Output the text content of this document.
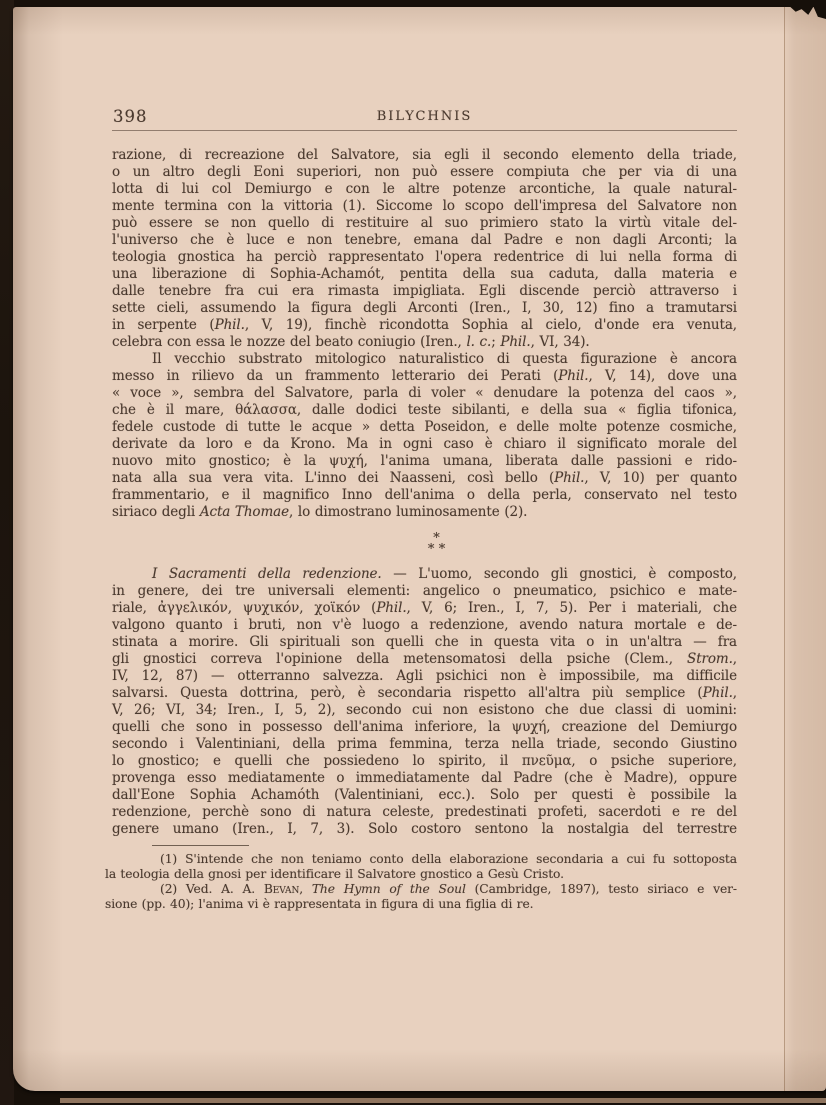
398	BILYCHNIS
razione, di recreazione del Salvatore, sia egli il secondo elemento della triade,
o un altro degli Eoni superiori, non può essere compiuta che per via di una
lotta di lui col Demiurgo e con le altre potenze arcontiche, la quale natural-
mente termina con la vittoria (1). Siccome lo scopo dell'impresa del Salvatore non
può essere se non quello di restituire al suo primiero stato la virtù vitale del-
l'universo che è luce e non tenebre, emana dal Padre e non dagli Arconti; la
teologia gnostica ha perciò rappresentato l'opera redentrice di lui nella forma di
una liberazione di Sophia-Achamót, pentita della sua caduta, dalla materia e
dalle tenebre fra cui era rimasta impigliata. Egli discende perciò attraverso i
sette cieli, assumendo la figura degli Arconti (Iren., I, 30, 12) fino a tramutarsi
in serpente (Phil., V, 19), finchè ricondotta Sophia al cielo, d'onde era venuta,
celebra con essa le nozze del beato coniugio (Iren., l. c.; Phil., VI, 34).
Il vecchio substrato mitologico naturalistico di questa figurazione è ancora
messo in rilievo da un frammento letterario dei Perati (Phil., V, 14), dove una
« voce », sembra del Salvatore, parla di voler « denudare la potenza del caos »,
che è il mare, θάλασσα, dalle dodici teste sibilanti, e della sua « figlia tifonica,
fedele custode di tutte le acque » detta Poseidon, e delle molte potenze cosmiche,
derivate da loro e da Krono. Ma in ogni caso è chiaro il significato morale del
nuovo mito gnostico; è la ψυχή, l'anima umana, liberata dalle passioni e rido-
nata alla sua vera vita. L'inno dei Naasseni, così bello (Phil., V, 10) per quanto
frammentario, e il magnifico Inno dell'anima o della perla, conservato nel testo
siriaco degli Acta Thomae, lo dimostrano luminosamente (2).
*
* *
I Sacramenti della redenzione. — L'uomo, secondo gli gnostici, è composto,
in genere, dei tre universali elementi: angelico o pneumatico, psichico e mate-
riale, ἀγγελικόν, ψυχικόν, χοϊκόν (Phil., V, 6; Iren., I, 7, 5). Per i materiali, che
valgono quanto i bruti, non v'è luogo a redenzione, avendo natura mortale e de-
stinata a morire. Gli spirituali son quelli che in questa vita o in un'altra — fra
gli gnostici correva l'opinione della metensomatosi della psiche (Clem., Strom.,
IV, 12, 87) — otterranno salvezza. Agli psichici non è impossibile, ma difficile
salvarsi. Questa dottrina, però, è secondaria rispetto all'altra più semplice (Phil.,
V, 26; VI, 34; Iren., I, 5, 2), secondo cui non esistono che due classi di uomini:
quelli che sono in possesso dell'anima inferiore, la ψυχή, creazione del Demiurgo
secondo i Valentiniani, della prima femmina, terza nella triade, secondo Giustino
lo gnostico; e quelli che possiedeno lo spirito, il πνεῦμα, o psiche superiore,
provenga esso mediatamente o immediatamente dal Padre (che è Madre), oppure
dall'Eone Sophia Achamóth (Valentiniani, ecc.). Solo per questi è possibile la
redenzione, perchè sono di natura celeste, predestinati profeti, sacerdoti e re del
genere umano (Iren., I, 7, 3). Solo costoro sentono la nostalgia del terrestre
(1) S'intende che non teniamo conto della elaborazione secondaria a cui fu sottoposta
la teologia della gnosi per identificare il Salvatore gnostico a Gesù Cristo.
(2) Ved. A. A. Bevan, The Hymn of the Soul (Cambridge, 1897), testo siriaco e ver-
sione (pp. 40); l'anima vi è rappresentata in figura di una figlia di re.
